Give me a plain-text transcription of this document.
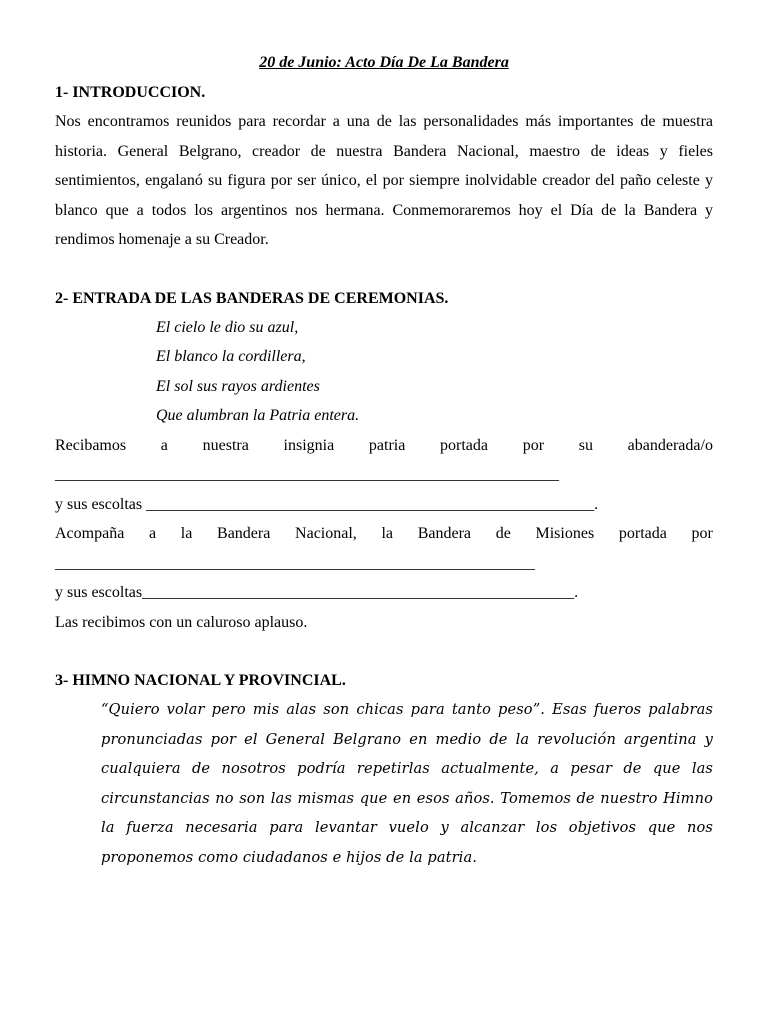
20 de Junio: Acto Día De La Bandera

1- INTRODUCCION.

Nos encontramos reunidos para recordar a una de las personalidades más importantes de muestra historia. General Belgrano, creador de nuestra Bandera Nacional, maestro de ideas y fieles sentimientos, engalanó su figura por ser único, el por siempre inolvidable creador del paño celeste y blanco que a todos los argentinos nos hermana. Conmemoraremos hoy el Día de la Bandera y rendimos homenaje a su Creador.

2- ENTRADA DE LAS BANDERAS DE CEREMONIAS.

El cielo le dio su azul,
El blanco la cordillera,
El sol sus rayos ardientes
Que alumbran la Patria entera.
Recibamos a nuestra insignia patria portada por su abanderada/o

_______________________________________________________________

y sus escoltas ________________________________________________________.

Acompaña a la Bandera Nacional, la Bandera de Misiones portada por

____________________________________________________________

y sus escoltas______________________________________________________.

Las recibimos con un caluroso aplauso.

3- HIMNO NACIONAL Y PROVINCIAL.

“Quiero volar pero mis alas son chicas para tanto peso”. Esas fueros palabras pronunciadas por el General Belgrano en medio de la revolución argentina y cualquiera de nosotros podría repetirlas actualmente, a pesar de que las circunstancias no son las mismas que en esos años. Tomemos de nuestro Himno la fuerza necesaria para levantar vuelo y alcanzar los objetivos que nos proponemos como ciudadanos e hijos de la patria.
